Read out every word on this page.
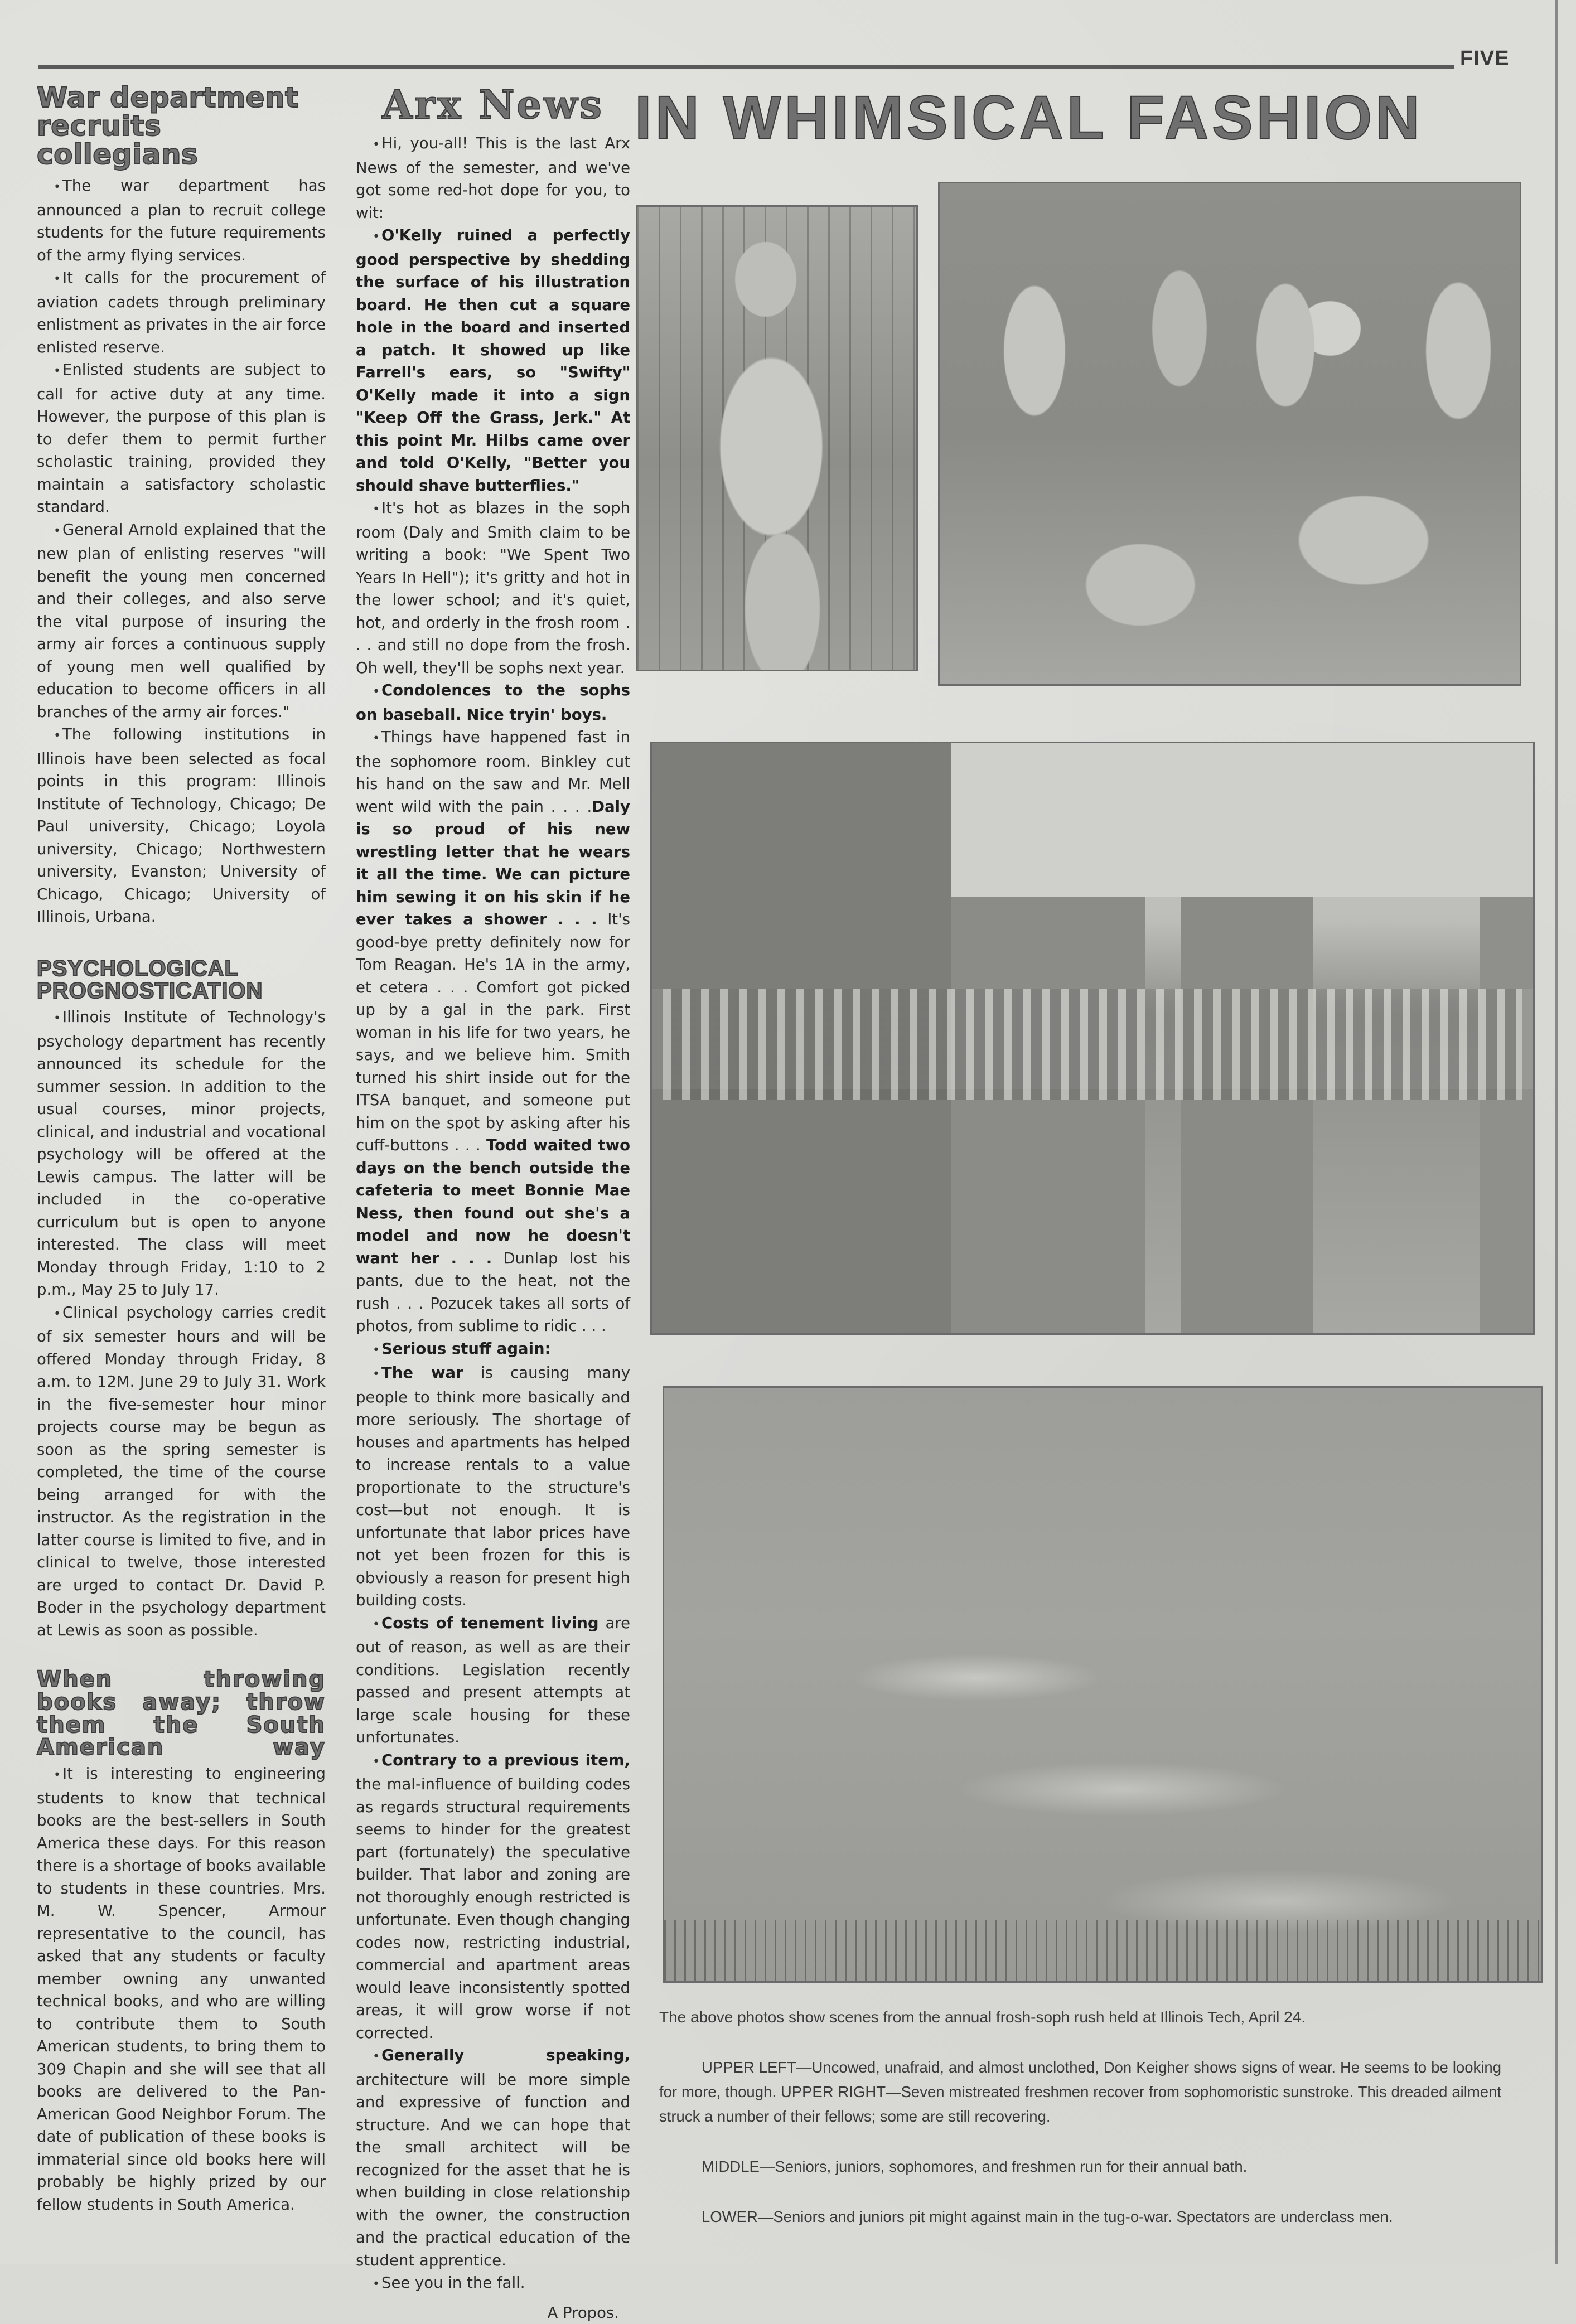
FIVE
War department recruits collegians

• The war department has announced a plan to recruit college students for the future requirements of the army flying services.

• It calls for the procurement of aviation cadets through preliminary enlistment as privates in the air force enlisted reserve.

• Enlisted students are subject to call for active duty at any time. However, the purpose of this plan is to defer them to permit further scholastic training, provided they maintain a satisfactory scholastic standard.

• General Arnold explained that the new plan of enlisting reserves "will benefit the young men concerned and their colleges, and also serve the vital purpose of insuring the army air forces a continuous supply of young men well qualified by education to become officers in all branches of the army air forces."

• The following institutions in Illinois have been selected as focal points in this program: Illinois Institute of Technology, Chicago; De Paul university, Chicago; Loyola university, Chicago; Northwestern university, Evanston; University of Chicago, Chicago; University of Illinois, Urbana.

PSYCHOLOGICAL PROGNOSTICATION

• Illinois Institute of Technology's psychology department has recently announced its schedule for the summer session. In addition to the usual courses, minor projects, clinical, and industrial and vocational psychology will be offered at the Lewis campus. The latter will be included in the co-operative curriculum but is open to anyone interested. The class will meet Monday through Friday, 1:10 to 2 p.m., May 25 to July 17.

• Clinical psychology carries credit of six semester hours and will be offered Monday through Friday, 8 a.m. to 12M. June 29 to July 31. Work in the five-semester hour minor projects course may be begun as soon as the spring semester is completed, the time of the course being arranged for with the instructor. As the registration in the latter course is limited to five, and in clinical to twelve, those interested are urged to contact Dr. David P. Boder in the psychology department at Lewis as soon as possible.

When throwing books away; throw them the South American way

• It is interesting to engineering students to know that technical books are the best-sellers in South America these days. For this reason there is a shortage of books available to students in these countries. Mrs. M. W. Spencer, Armour representative to the council, has asked that any students or faculty member owning any unwanted technical books, and who are willing to contribute them to South American students, to bring them to 309 Chapin and she will see that all books are delivered to the Pan-American Good Neighbor Forum. The date of publication of these books is immaterial since old books here will probably be highly prized by our fellow students in South America.

Arx News

• Hi, you-all! This is the last Arx News of the semester, and we've got some red-hot dope for you, to wit:

• O'Kelly ruined a perfectly good perspective by shedding the surface of his illustration board. He then cut a square hole in the board and inserted a patch. It showed up like Farrell's ears, so "Swifty" O'Kelly made it into a sign "Keep Off the Grass, Jerk." At this point Mr. Hilbs came over and told O'Kelly, "Better you should shave butterflies."

• It's hot as blazes in the soph room (Daly and Smith claim to be writing a book: "We Spent Two Years In Hell"); it's gritty and hot in the lower school; and it's quiet, hot, and orderly in the frosh room . . . and still no dope from the frosh. Oh well, they'll be sophs next year.

• Condolences to the sophs on baseball. Nice tryin' boys.

• Things have happened fast in the sophomore room. Binkley cut his hand on the saw and Mr. Mell went wild with the pain . . . .Daly is so proud of his new wrestling letter that he wears it all the time. We can picture him sewing it on his skin if he ever takes a shower . . . It's good-bye pretty definitely now for Tom Reagan. He's 1A in the army, et cetera . . . Comfort got picked up by a gal in the park. First woman in his life for two years, he says, and we believe him. Smith turned his shirt inside out for the ITSA banquet, and someone put him on the spot by asking after his cuff-buttons . . . Todd waited two days on the bench outside the cafeteria to meet Bonnie Mae Ness, then found out she's a model and now he doesn't want her . . . Dunlap lost his pants, due to the heat, not the rush . . . Pozucek takes all sorts of photos, from sublime to ridic . . .

• Serious stuff again:

• The war is causing many people to think more basically and more seriously. The shortage of houses and apartments has helped to increase rentals to a value proportionate to the structure's cost—but not enough. It is unfortunate that labor prices have not yet been frozen for this is obviously a reason for present high building costs.

• Costs of tenement living are out of reason, as well as are their conditions. Legislation recently passed and present attempts at large scale housing for these unfortunates.

• Contrary to a previous item, the mal-influence of building codes as regards structural requirements seems to hinder for the greatest part (fortunately) the speculative builder. That labor and zoning are not thoroughly enough restricted is unfortunate. Even though changing codes now, restricting industrial, commercial and apartment areas would leave inconsistently spotted areas, it will grow worse if not corrected.

• Generally speaking, architecture will be more simple and expressive of function and structure. And we can hope that the small architect will be recognized for the asset that he is when building in close relationship with the owner, the construction and the practical education of the student apprentice.

• See you in the fall.

A Propos.

IN WHIMSICAL FASHION

The above photos show scenes from the annual frosh-soph rush held at Illinois Tech, April 24.

UPPER LEFT—Uncowed, unafraid, and almost unclothed, Don Keigher shows signs of wear. He seems to be looking for more, though. UPPER RIGHT—Seven mistreated freshmen recover from sophomoristic sunstroke. This dreaded ailment struck a number of their fellows; some are still recovering.

MIDDLE—Seniors, juniors, sophomores, and freshmen run for their annual bath.

LOWER—Seniors and juniors pit might against main in the tug-o-war. Spectators are underclass men.
